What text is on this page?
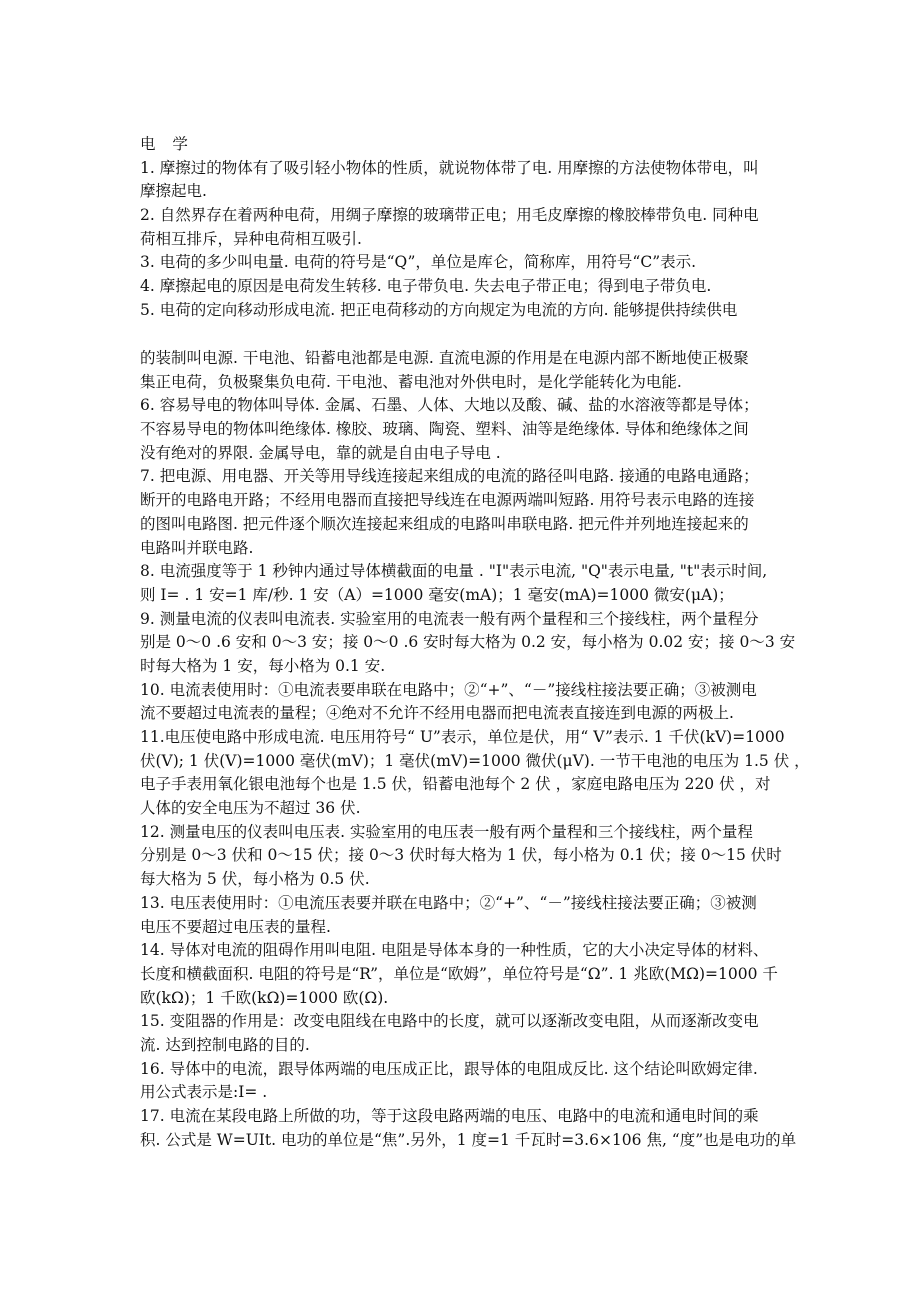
电 学
1. 摩擦过的物体有了吸引轻小物体的性质，就说物体带了电. 用摩擦的方法使物体带电，叫
摩擦起电.
2. 自然界存在着两种电荷，用绸子摩擦的玻璃带正电；用毛皮摩擦的橡胶棒带负电. 同种电
荷相互排斥，异种电荷相互吸引.
3. 电荷的多少叫电量. 电荷的符号是“Q”，单位是库仑，简称库，用符号“C”表示.
4. 摩擦起电的原因是电荷发生转移. 电子带负电. 失去电子带正电；得到电子带负电.
5. 电荷的定向移动形成电流. 把正电荷移动的方向规定为电流的方向. 能够提供持续供电
的装制叫电源. 干电池、铅蓄电池都是电源. 直流电源的作用是在电源内部不断地使正极聚
集正电荷，负极聚集负电荷. 干电池、蓄电池对外供电时，是化学能转化为电能.
6. 容易导电的物体叫导体. 金属、石墨、人体、大地以及酸、碱、盐的水溶液等都是导体；
不容易导电的物体叫绝缘体. 橡胶、玻璃、陶瓷、塑料、油等是绝缘体. 导体和绝缘体之间
没有绝对的界限. 金属导电，靠的就是自由电子导电 .
7. 把电源、用电器、开关等用导线连接起来组成的电流的路径叫电路. 接通的电路电通路；
断开的电路电开路；不经用电器而直接把导线连在电源两端叫短路. 用符号表示电路的连接
的图叫电路图. 把元件逐个顺次连接起来组成的电路叫串联电路. 把元件并列地连接起来的
电路叫并联电路.
8. 电流强度等于 1 秒钟内通过导体横截面的电量 . "I"表示电流, "Q"表示电量, "t"表示时间,
则 I= . 1 安=1 库/秒. 1 安（A）=1000 毫安(mA)；1 毫安(mA)=1000 微安(μA)；
9. 测量电流的仪表叫电流表. 实验室用的电流表一般有两个量程和三个接线柱，两个量程分
别是 0～0 .6 安和 0～3 安；接 0～0 .6 安时每大格为 0.2 安，每小格为 0.02 安；接 0～3 安
时每大格为 1 安，每小格为 0.1 安.
10. 电流表使用时：①电流表要串联在电路中；②“+”、“－”接线柱接法要正确；③被测电
流不要超过电流表的量程；④绝对不允许不经用电器而把电流表直接连到电源的两极上.
11.电压使电路中形成电流. 电压用符号“ U”表示，单位是伏，用“ V”表示. 1 千伏(kV)=1000
伏(V); 1 伏(V)=1000 毫伏(mV)；1 毫伏(mV)=1000 微伏(μV). 一节干电池的电压为 1.5 伏 ，
电子手表用氧化银电池每个也是 1.5 伏，铅蓄电池每个 2 伏 ，家庭电路电压为 220 伏 ，对
人体的安全电压为不超过 36 伏.
12. 测量电压的仪表叫电压表. 实验室用的电压表一般有两个量程和三个接线柱，两个量程
分别是 0～3 伏和 0～15 伏；接 0～3 伏时每大格为 1 伏，每小格为 0.1 伏；接 0～15 伏时
每大格为 5 伏，每小格为 0.5 伏.
13. 电压表使用时：①电流压表要并联在电路中；②“+”、“－”接线柱接法要正确；③被测
电压不要超过电压表的量程.
14. 导体对电流的阻碍作用叫电阻. 电阻是导体本身的一种性质，它的大小决定导体的材料、
长度和横截面积. 电阻的符号是“R”，单位是“欧姆”，单位符号是“Ω”. 1 兆欧(MΩ)=1000 千
欧(kΩ)；1 千欧(kΩ)=1000 欧(Ω).
15. 变阻器的作用是：改变电阻线在电路中的长度，就可以逐渐改变电阻，从而逐渐改变电
流. 达到控制电路的目的.
16. 导体中的电流，跟导体两端的电压成正比，跟导体的电阻成反比. 这个结论叫欧姆定律.
用公式表示是:I= .
17. 电流在某段电路上所做的功，等于这段电路两端的电压、电路中的电流和通电时间的乘
积. 公式是 W=UIt. 电功的单位是“焦”.另外，1 度=1 千瓦时=3.6×106 焦, “度”也是电功的单
